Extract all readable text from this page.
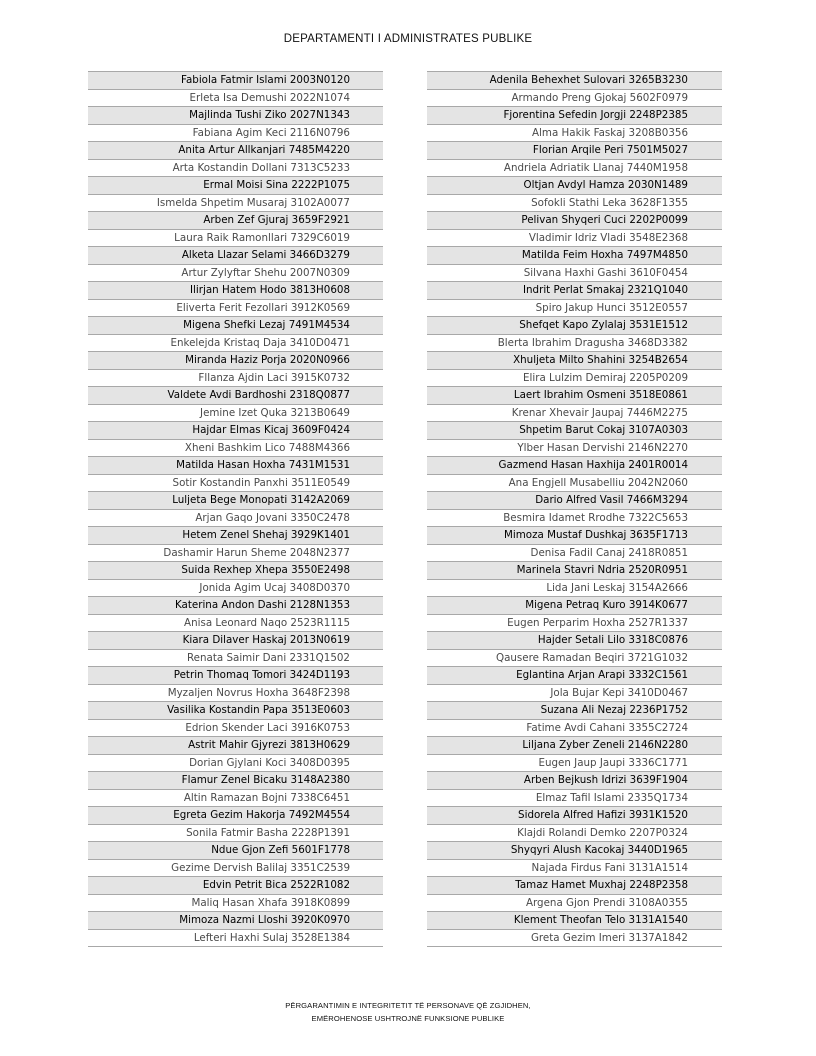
DEPARTAMENTI I ADMINISTRATES PUBLIKE
Fabiola Fatmir Islami 2003N0120
Erleta Isa Demushi 2022N1074
Majlinda Tushi Ziko 2027N1343
Fabiana Agim Keci 2116N0796
Anita Artur Allkanjari 7485M4220
Arta Kostandin Dollani 7313C5233
Ermal Moisi Sina 2222P1075
Ismelda Shpetim Musaraj 3102A0077
Arben Zef Gjuraj 3659F2921
Laura Raik Ramonllari 7329C6019
Alketa Llazar Selami 3466D3279
Artur Zylyftar Shehu 2007N0309
Ilirjan Hatem Hodo 3813H0608
Eliverta Ferit Fezollari 3912K0569
Migena Shefki Lezaj 7491M4534
Enkelejda Kristaq Daja 3410D0471
Miranda Haziz Porja 2020N0966
Fllanza Ajdin Laci 3915K0732
Valdete Avdi Bardhoshi 2318Q0877
Jemine Izet Quka 3213B0649
Hajdar Elmas Kicaj 3609F0424
Xheni Bashkim Lico 7488M4366
Matilda Hasan Hoxha 7431M1531
Sotir Kostandin Panxhi 3511E0549
Luljeta Bege Monopati 3142A2069
Arjan Gaqo Jovani 3350C2478
Hetem Zenel Shehaj 3929K1401
Dashamir Harun Sheme 2048N2377
Suida Rexhep Xhepa 3550E2498
Jonida Agim Ucaj 3408D0370
Katerina Andon Dashi 2128N1353
Anisa Leonard Naqo 2523R1115
Kiara Dilaver Haskaj 2013N0619
Renata Saimir Dani 2331Q1502
Petrin Thomaq Tomori 3424D1193
Myzaljen Novrus Hoxha 3648F2398
Vasilika Kostandin Papa 3513E0603
Edrion Skender Laci 3916K0753
Astrit Mahir Gjyrezi 3813H0629
Dorian Gjylani Koci 3408D0395
Flamur Zenel Bicaku 3148A2380
Altin Ramazan Bojni 7338C6451
Egreta Gezim Hakorja 7492M4554
Sonila Fatmir Basha 2228P1391
Ndue Gjon Zefi 5601F1778
Gezime Dervish Balilaj 3351C2539
Edvin Petrit Bica 2522R1082
Maliq Hasan Xhafa 3918K0899
Mimoza Nazmi Lloshi 3920K0970
Lefteri Haxhi Sulaj 3528E1384
Adenila Behexhet Sulovari 3265B3230
Armando Preng Gjokaj 5602F0979
Fjorentina Sefedin Jorgji 2248P2385
Alma Hakik Faskaj 3208B0356
Florian Arqile Peri 7501M5027
Andriela Adriatik Llanaj 7440M1958
Oltjan Avdyl Hamza 2030N1489
Sofokli Stathi Leka 3628F1355
Pelivan Shyqeri Cuci 2202P0099
Vladimir Idriz Vladi 3548E2368
Matilda Feim Hoxha 7497M4850
Silvana Haxhi Gashi 3610F0454
Indrit Perlat Smakaj 2321Q1040
Spiro Jakup Hunci 3512E0557
Shefqet Kapo Zylalaj 3531E1512
Blerta Ibrahim Dragusha 3468D3382
Xhuljeta Milto Shahini 3254B2654
Elira Lulzim Demiraj 2205P0209
Laert Ibrahim Osmeni 3518E0861
Krenar Xhevair Jaupaj 7446M2275
Shpetim Barut Cokaj 3107A0303
Ylber Hasan Dervishi 2146N2270
Gazmend Hasan Haxhija 2401R0014
Ana Engjell Musabelliu 2042N2060
Dario Alfred Vasil 7466M3294
Besmira Idamet Rrodhe 7322C5653
Mimoza Mustaf Dushkaj 3635F1713
Denisa Fadil Canaj 2418R0851
Marinela Stavri Ndria 2520R0951
Lida Jani Leskaj 3154A2666
Migena Petraq Kuro 3914K0677
Eugen Perparim Hoxha 2527R1337
Hajder Setali Lilo 3318C0876
Qausere Ramadan Beqiri 3721G1032
Eglantina Arjan Arapi 3332C1561
Jola Bujar Kepi 3410D0467
Suzana Ali Nezaj 2236P1752
Fatime Avdi Cahani 3355C2724
Liljana Zyber Zeneli 2146N2280
Eugen Jaup Jaupi 3336C1771
Arben Bejkush Idrizi 3639F1904
Elmaz Tafil Islami 2335Q1734
Sidorela Alfred Hafizi 3931K1520
Klajdi Rolandi Demko 2207P0324
Shyqyri Alush Kacokaj 3440D1965
Najada Firdus Fani 3131A1514
Tamaz Hamet Muxhaj 2248P2358
Argena Gjon Prendi 3108A0355
Klement Theofan Telo 3131A1540
Greta Gezim Imeri 3137A1842
PËRGARANTIMIN E INTEGRITETIT TË PERSONAVE QË ZGJIDHEN,
EMËROHENOSE USHTROJNË FUNKSIONE PUBLIKE
